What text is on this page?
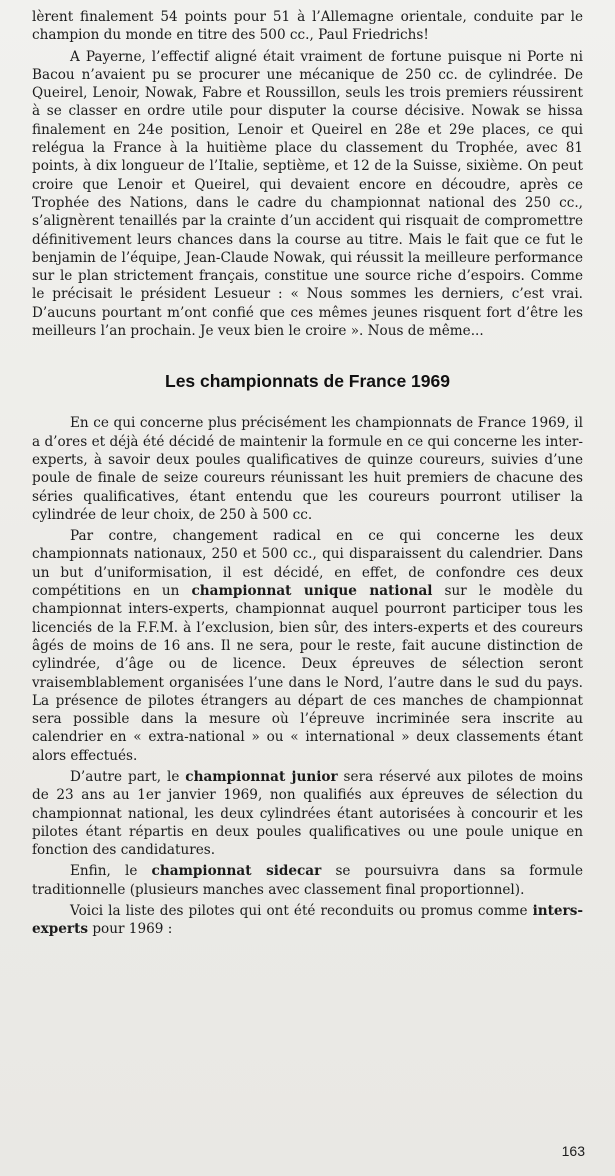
lèrent finalement 54 points pour 51 à l’Allemagne orientale, conduite par le champion du monde en titre des 500 cc., Paul Friedrichs!

A Payerne, l’effectif aligné était vraiment de fortune puisque ni Porte ni Bacou n’avaient pu se procurer une mécanique de 250 cc. de cylindrée. De Queirel, Lenoir, Nowak, Fabre et Roussillon, seuls les trois premiers réussirent à se classer en ordre utile pour disputer la course décisive. Nowak se hissa finalement en 24e position, Lenoir et Queirel en 28e et 29e places, ce qui relégua la France à la huitième place du classement du Trophée, avec 81 points, à dix longueur de l’Italie, septième, et 12 de la Suisse, sixième. On peut croire que Lenoir et Queirel, qui devaient encore en découdre, après ce Trophée des Nations, dans le cadre du championnat national des 250 cc., s’alignèrent tenaillés par la crainte d’un accident qui risquait de compromettre définitivement leurs chances dans la course au titre. Mais le fait que ce fut le benjamin de l’équipe, Jean-Claude Nowak, qui réussit la meilleure performance sur le plan strictement français, constitue une source riche d’espoirs. Comme le précisait le président Lesueur : « Nous sommes les derniers, c’est vrai. D’aucuns pourtant m’ont confié que ces mêmes jeunes risquent fort d’être les meilleurs l’an prochain. Je veux bien le croire ». Nous de même...

Les championnats de France 1969

En ce qui concerne plus précisément les championnats de France 1969, il a d’ores et déjà été décidé de maintenir la formule en ce qui concerne les inter-experts, à savoir deux poules qualificatives de quinze coureurs, suivies d’une poule de finale de seize coureurs réunissant les huit premiers de chacune des séries qualificatives, étant entendu que les coureurs pourront utiliser la cylindrée de leur choix, de 250 à 500 cc.

Par contre, changement radical en ce qui concerne les deux championnats nationaux, 250 et 500 cc., qui disparaissent du calendrier. Dans un but d’uniformisation, il est décidé, en effet, de confondre ces deux compétitions en un championnat unique national sur le modèle du championnat inters-experts, championnat auquel pourront participer tous les licenciés de la F.F.M. à l’exclusion, bien sûr, des inters-experts et des coureurs âgés de moins de 16 ans. Il ne sera, pour le reste, fait aucune distinction de cylindrée, d’âge ou de licence. Deux épreuves de sélection seront vraisemblablement organisées l’une dans le Nord, l’autre dans le sud du pays. La présence de pilotes étrangers au départ de ces manches de championnat sera possible dans la mesure où l’épreuve incriminée sera inscrite au calendrier en « extra-national » ou « international » deux classements étant alors effectués.

D’autre part, le championnat junior sera réservé aux pilotes de moins de 23 ans au 1er janvier 1969, non qualifiés aux épreuves de sélection du championnat national, les deux cylindrées étant autorisées à concourir et les pilotes étant répartis en deux poules qualificatives ou une poule unique en fonction des candidatures.

Enfin, le championnat sidecar se poursuivra dans sa formule traditionnelle (plusieurs manches avec classement final proportionnel).

Voici la liste des pilotes qui ont été reconduits ou promus comme inters-experts pour 1969 :

163
